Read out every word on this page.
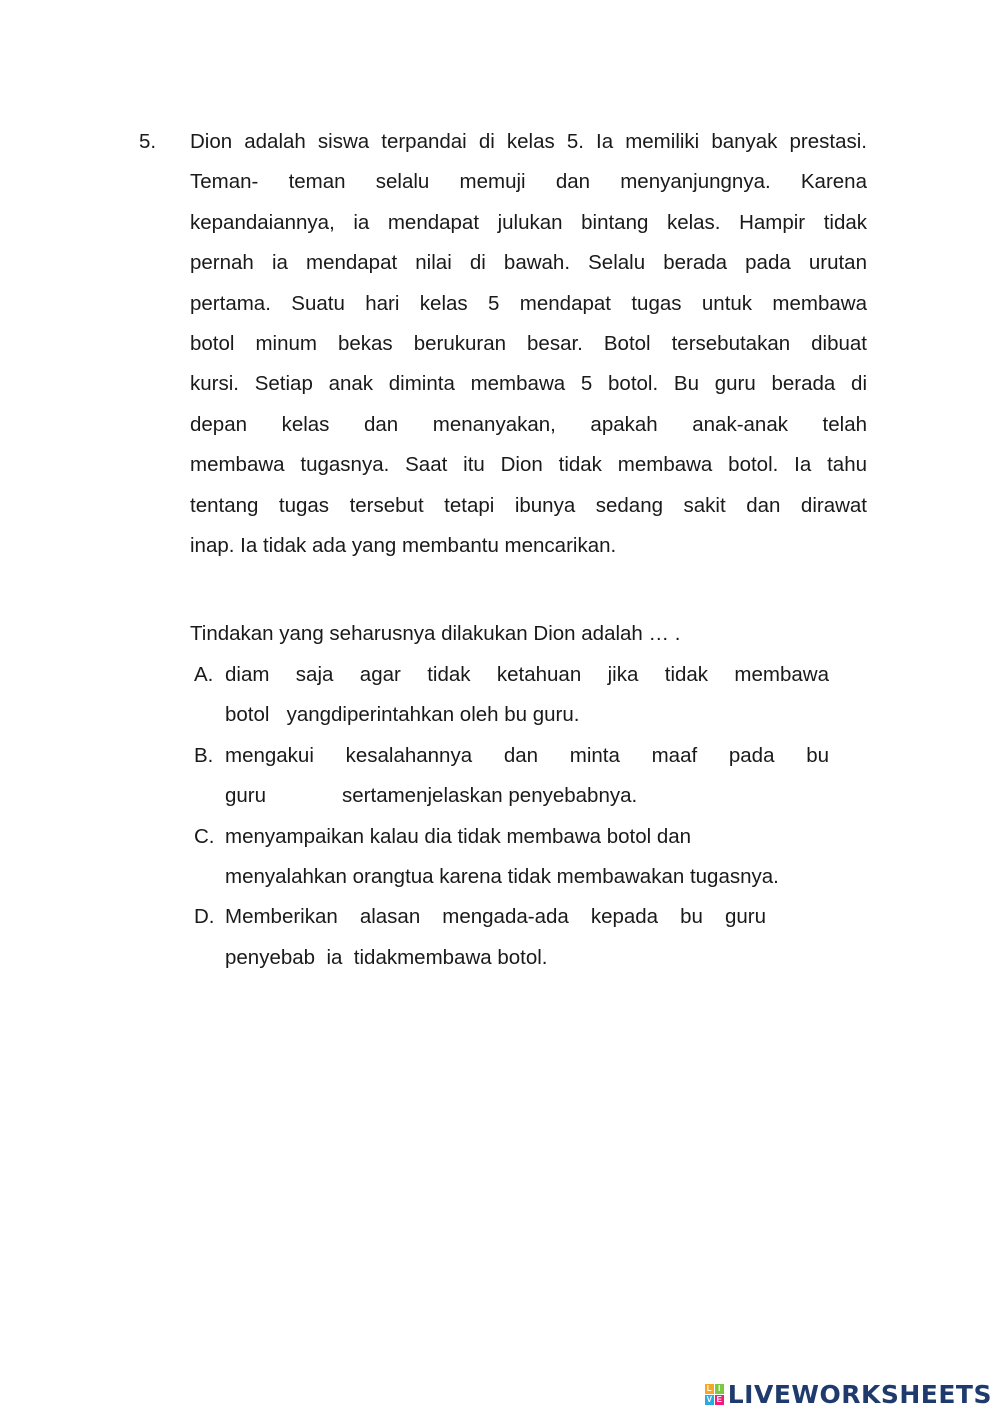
5. Dion adalah siswa terpandai di kelas 5. Ia memiliki banyak prestasi.
Teman- teman selalu memuji dan menyanjungnya. Karena
kepandaiannya, ia mendapat julukan bintang kelas. Hampir tidak
pernah ia mendapat nilai di bawah. Selalu berada pada urutan
pertama. Suatu hari kelas 5 mendapat tugas untuk membawa
botol minum bekas berukuran besar. Botol tersebutakan dibuat
kursi. Setiap anak diminta membawa 5 botol. Bu guru berada di
depan kelas dan menanyakan, apakah anak-anak telah
membawa tugasnya. Saat itu Dion tidak membawa botol. Ia tahu
tentang tugas tersebut tetapi ibunya sedang sakit dan dirawat
inap. Ia tidak ada yang membantu mencarikan.
Tindakan yang seharusnya dilakukan Dion adalah … .
A. diam saja agar tidak ketahuan jika tidak membawa
botol yangdiperintahkan oleh bu guru.
B. mengakui kesalahannya dan minta maaf pada bu
guru	sertamenjelaskan penyebabnya.
C. menyampaikan kalau dia tidak membawa botol dan
menyalahkan orangtua karena tidak membawakan tugasnya.
D. Memberikan alasan mengada-ada kepada bu guru
penyebab  ia  tidakmembawa botol.
L I
V E LIVEWORKSHEETS
